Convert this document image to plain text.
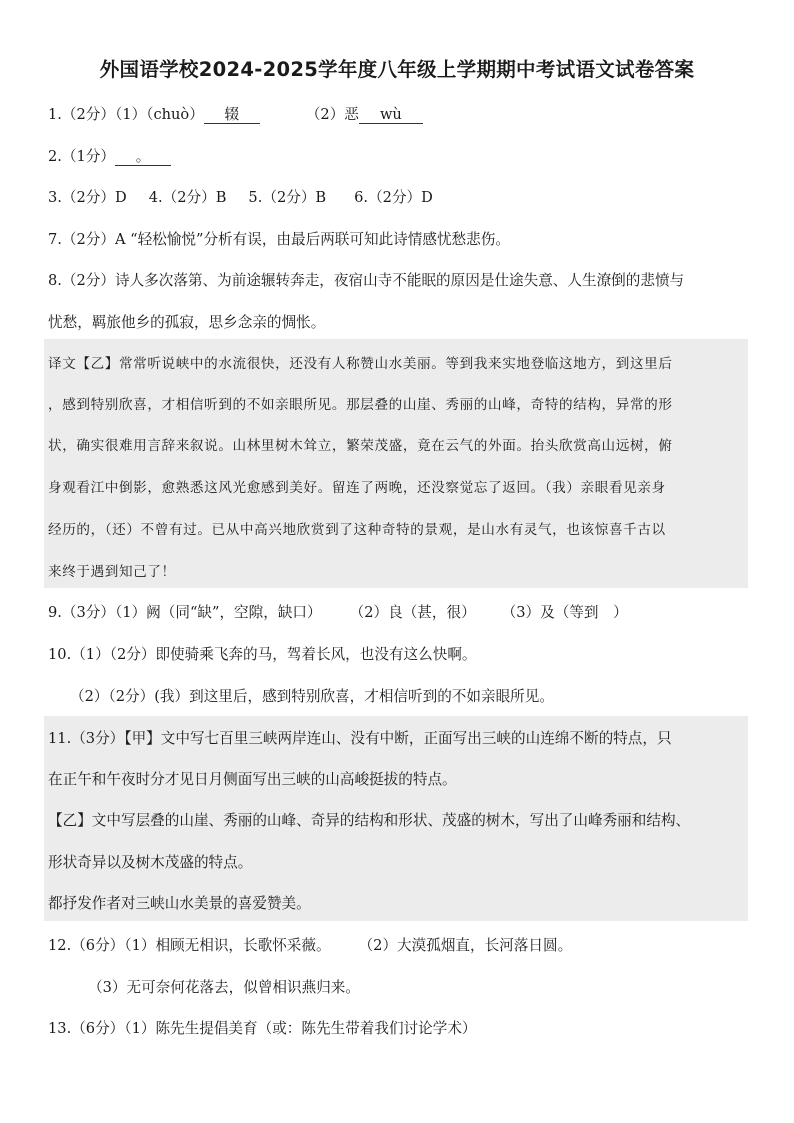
外国语学校2024-2025学年度八年级上学期期中考试语文试卷答案
1.（2分）（1）（chuò） 辍	（2）恶 wù
2.（1分） 。
3.（2分）D 4.（2分）B 5.（2分）B 6.（2分）D
7.（2分）A “轻松愉悦”分析有误，由最后两联可知此诗情感忧愁悲伤。
8.（2分）诗人多次落第、为前途辗转奔走，夜宿山寺不能眠的原因是仕途失意、人生潦倒的悲愤与
忧愁，羁旅他乡的孤寂，思乡念亲的惆怅。
译文【乙】常常听说峡中的水流很快，还没有人称赞山水美丽。等到我来实地登临这地方，到这里后
，感到特别欣喜，才相信听到的不如亲眼所见。那层叠的山崖、秀丽的山峰，奇特的结构，异常的形
状，确实很难用言辞来叙说。山林里树木耸立，繁荣茂盛，竟在云气的外面。抬头欣赏高山远树，俯
身观看江中倒影，愈熟悉这风光愈感到美好。留连了两晚，还没察觉忘了返回。（我）亲眼看见亲身
经历的，（还）不曾有过。已从中高兴地欣赏到了这种奇特的景观，是山水有灵气，也该惊喜千古以
来终于遇到知己了！
9.（3分）（1）阙（同“缺”，空隙，缺口） （2）良（甚，很） （3）及（等到　）
10.（1）（2分）即使骑乘飞奔的马，驾着长风，也没有这么快啊。
（2）（2分）(我）到这里后，感到特别欣喜，才相信听到的不如亲眼所见。
11.（3分）【甲】文中写七百里三峡两岸连山、没有中断，正面写出三峡的山连绵不断的特点，只
在正午和午夜时分才见日月侧面写出三峡的山高峻挺拔的特点。
【乙】文中写层叠的山崖、秀丽的山峰、奇异的结构和形状、茂盛的树木，写出了山峰秀丽和结构、
形状奇异以及树木茂盛的特点。
都抒发作者对三峡山水美景的喜爱赞美。
12.（6分）（1）相顾无相识，长歌怀采薇。 （2）大漠孤烟直，长河落日圆。
（3）无可奈何花落去，似曾相识燕归来。
13.（6分）（1）陈先生提倡美育（或：陈先生带着我们讨论学术）
